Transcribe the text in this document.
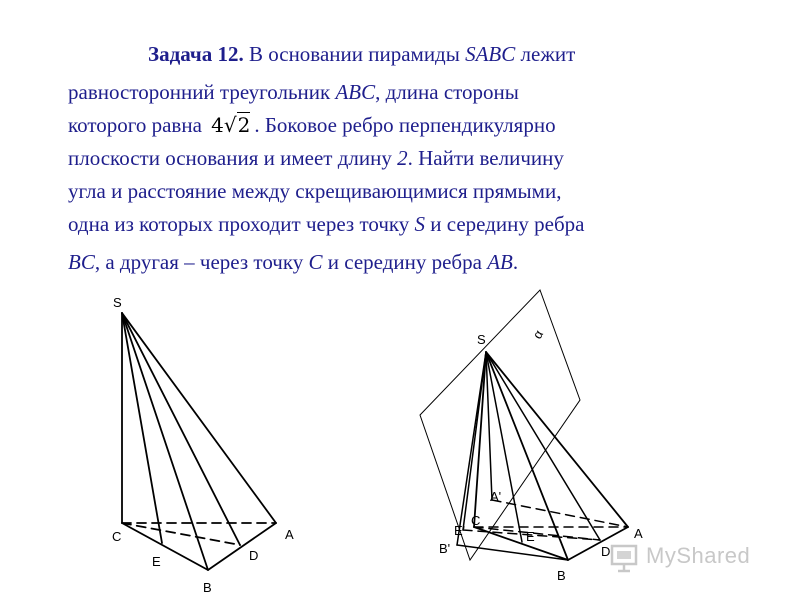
Задача 12. В основании пирамиды SABC лежит
равносторонний треугольник ABC, длина стороны
которого равна 4√2 . Боковое ребро перпендикулярно
плоскости основания и имеет длину 2. Найти величину
угла и расстояние между скрещивающимися прямыми,
одна из которых проходит через точку S и середину ребра
BC, а другая – через точку C и середину ребра AB.
S
C	A
E	D
B
S	α
A'
C
E'
B'
E	A
D
B
MyShared
